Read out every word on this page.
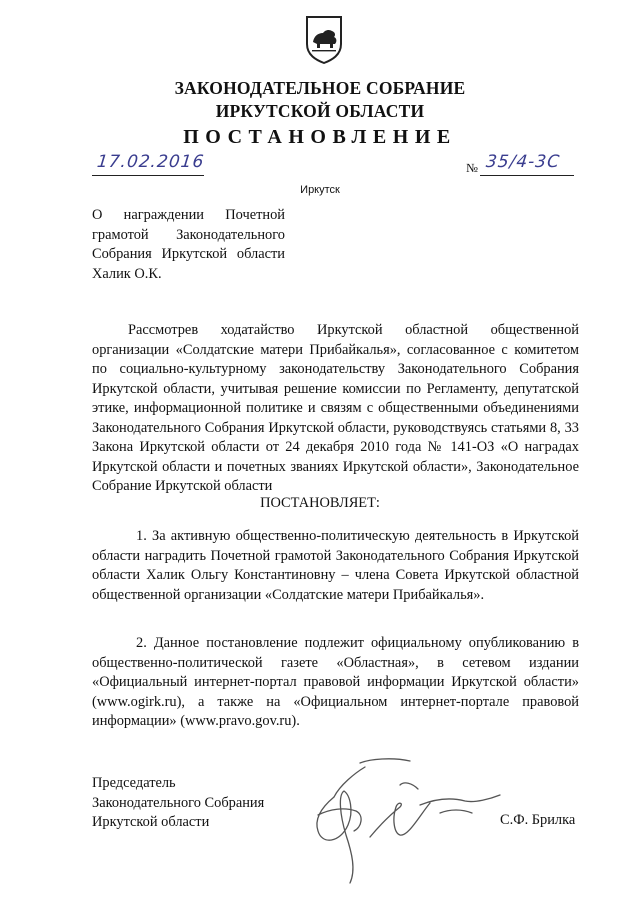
ЗАКОНОДАТЕЛЬНОЕ СОБРАНИЕ
ИРКУТСКОЙ ОБЛАСТИ
ПОСТАНОВЛЕНИЕ
17.02.2016	№ 35/4-3С
Иркутск
О награждении Почетной
грамотой Законодательного
Собрания Иркутской области
Халик О.К.
Рассмотрев ходатайство Иркутской областной общественной организации «Солдатские матери Прибайкалья», согласованное с комитетом по социально-культурному законодательству Законодательного Собрания Иркутской области, учитывая решение комиссии по Регламенту, депутатской этике, информационной политике и связям с общественными объединениями Законодательного Собрания Иркутской области, руководствуясь статьями 8, 33 Закона Иркутской области от 24 декабря 2010 года № 141-ОЗ «О наградах Иркутской области и почетных званиях Иркутской области», Законодательное Собрание Иркутской области
ПОСТАНОВЛЯЕТ:
1. За активную общественно-политическую деятельность в Иркутской области наградить Почетной грамотой Законодательного Собрания Иркутской области Халик Ольгу Константиновну – члена Совета Иркутской областной общественной организации «Солдатские матери Прибайкалья».
2. Данное постановление подлежит официальному опубликованию в общественно-политической газете «Областная», в сетевом издании «Официальный интернет-портал правовой информации Иркутской области» (www.ogirk.ru), а также на «Официальном интернет-портале правовой информации» (www.pravo.gov.ru).
Председатель
Законодательного Собрания
Иркутской области	С.Ф. Брилка
